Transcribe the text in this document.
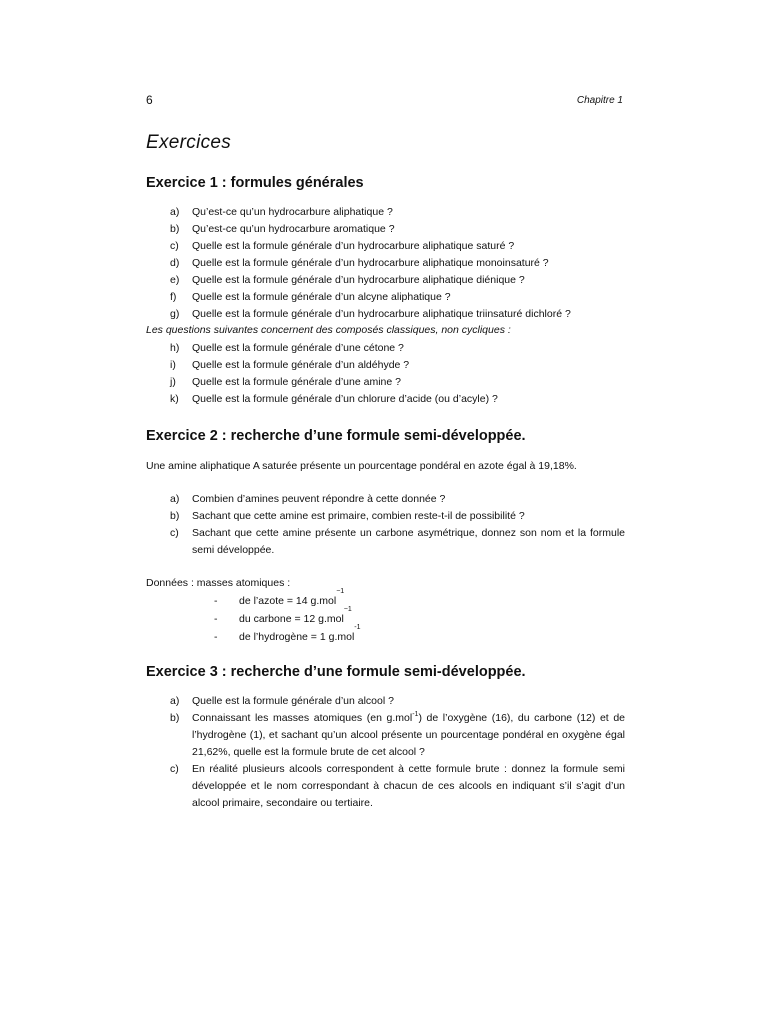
6	Chapitre 1
Exercices
Exercice 1 : formules générales
a)	Qu’est-ce qu’un hydrocarbure aliphatique ?
b)	Qu’est-ce qu’un hydrocarbure aromatique ?
c)	Quelle est la formule générale d’un hydrocarbure aliphatique saturé ?
d)	Quelle est la formule générale d’un hydrocarbure aliphatique monoinsaturé ?
e)	Quelle est la formule générale d’un hydrocarbure aliphatique diénique ?
f)	Quelle est la formule générale d’un alcyne aliphatique ?
g)	Quelle est la formule générale d’un hydrocarbure aliphatique triinsaturé dichloré ?
Les questions suivantes concernent des composés classiques, non cycliques :
h)	Quelle est la formule générale d’une cétone ?
i)	Quelle est la formule générale d’un aldéhyde ?
j)	Quelle est la formule générale d’une amine ?
k)	Quelle est la formule générale d’un chlorure d’acide (ou d’acyle) ?
Exercice 2 : recherche d’une formule semi-développée.

Une amine aliphatique A saturée présente un pourcentage pondéral en azote égal à 19,18%.

a)	Combien d’amines peuvent répondre à cette donnée ?
b)	Sachant que cette amine est primaire, combien reste-t-il de possibilité ?
c)	Sachant que cette amine présente un carbone asymétrique, donnez son nom et la formule semi développée.
Données : masses atomiques :
-	de l’azote = 14 g.mol
−1
-	du carbone = 12 g.mol
−1
-	de l’hydrogène = 1 g.mol
-1
Exercice 3 : recherche d’une formule semi-développée.
a)	Quelle est la formule générale d’un alcool ?
b)	Connaissant les masses atomiques (en g.mol$^{-1}$) de l’oxygène (16), du carbone (12) et de l’hydrogène (1), et sachant qu’un alcool présente un pourcentage pondéral en oxygène égal 21,62%, quelle est la formule brute de cet alcool ?
c)	En réalité plusieurs alcools correspondent à cette formule brute : donnez la formule semi développée et le nom correspondant à chacun de ces alcools en indiquant s’il s’agit d’un alcool primaire, secondaire ou tertiaire.
